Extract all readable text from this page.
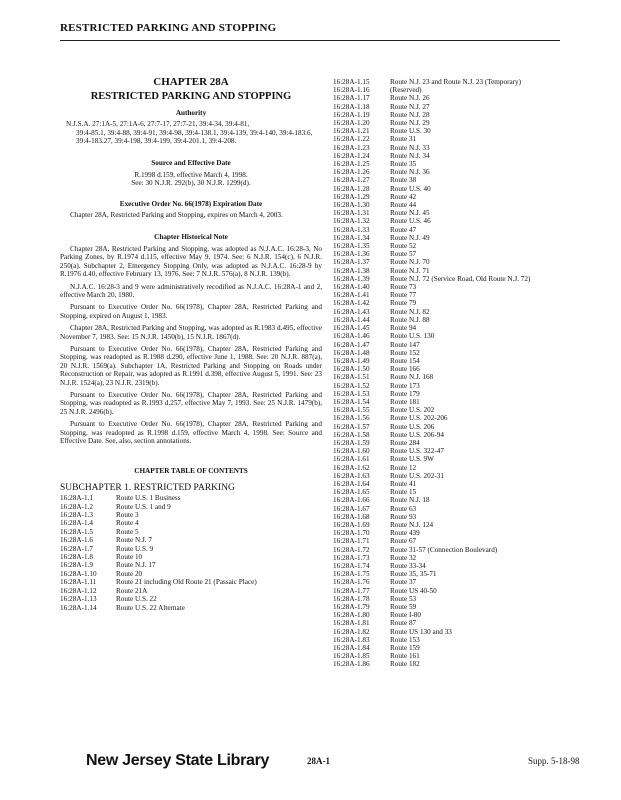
RESTRICTED PARKING AND STOPPING
CHAPTER 28A
RESTRICTED PARKING AND STOPPING
Authority
N.J.S.A. 27:1A-5, 27:1A-6, 27:7-17, 27:7-21, 39:4-34, 39:4-81,
39:4-85.1, 39:4-88, 39:4-91, 39:4-98, 39:4-138.1, 39:4-139, 39:4-140, 39:4-183.6, 39:4-183.27, 39:4-198, 39:4-199, 39:4-201.1, 39:4-208.
Source and Effective Date
R.1998 d.159, effective March 4, 1998.
See: 30 N.J.R. 292(b), 30 N.J.R. 1299(d).
Executive Order No. 66(1978) Expiration Date

Chapter 28A, Restricted Parking and Stopping, expires on March 4, 2003.

Chapter Historical Note

Chapter 28A, Restricted Parking and Stopping, was adopted as N.J.A.C. 16:28-3, No Parking Zones, by R.1974 d.115, effective May 9, 1974. See: 6 N.J.R. 154(c), 6 N.J.R. 250(a). Subchapter 2, Emergency Stopping Only, was adopted as N.J.A.C. 16:28-9 by R.1976 d.40, effective February 13, 1976. See: 7 N.J.R. 576(a), 8 N.J.R. 139(b).

N.J.A.C. 16:28-3 and 9 were administratively recodified as N.J.A.C. 16:28A-1 and 2, effective March 20, 1980.

Pursuant to Executive Order No. 66(1978), Chapter 28A, Restricted Parking and Stopping, expired on August 1, 1983.

Chapter 28A, Restricted Parking and Stopping, was adopted as R.1983 d.495, effective November 7, 1983. See: 15 N.J.R. 1450(b), 15 N.J.R. 1867(d).

Pursuant to Executive Order No. 66(1978), Chapter 28A, Restricted Parking and Stopping, was readopted as R.1988 d.290, effective June 1, 1988. See: 20 N.J.R. 887(a), 20 N.J.R. 1569(a). Subchapter 1A, Restricted Parking and Stopping on Roads under Reconstruction or Repair, was adopted as R.1991 d.398, effective August 5, 1991. See: 23 N.J.R. 1524(a), 23 N.J.R. 2319(b).

Pursuant to Executive Order No. 66(1978), Chapter 28A, Restricted Parking and Stopping, was readopted as R.1993 d.257, effective May 7, 1993. See: 25 N.J.R. 1479(b), 25 N.J.R. 2496(b).

Pursuant to Executive Order No. 66(1978), Chapter 28A, Restricted Parking and Stopping, was readopted as R.1998 d.159, effective March 4, 1998. See: Source and Effective Date. See, also, section annotations.

CHAPTER TABLE OF CONTENTS
SUBCHAPTER 1. RESTRICTED PARKING
16:28A-1.1	Route U.S. 1 Business
16:28A-1.2	Route U.S. 1 and 9
16:28A-1.3	Route 3
16:28A-1.4	Route 4
16:28A-1.5	Route 5
16:28A-1.6	Route N.J. 7
16:28A-1.7	Route U.S. 9
16:28A-1.8	Route 10
16:28A-1.9	Route N.J. 17
16:28A-1.10	Route 20
16:28A-1.11	Route 21 including Old Route 21 (Passaic Place)
16:28A-1.12	Route 21A
16:28A-1.13	Route U.S. 22
16:28A-1.14	Route U.S. 22 Alternate
16:28A-1.15	Route N.J. 23 and Route N.J. 23 (Temporary)
16:28A-1.16	(Reserved)
16:28A-1.17	Route N.J. 26
16:28A-1.18	Route N.J. 27
16:28A-1.19	Route N.J. 28
16:28A-1.20	Route N.J. 29
16:28A-1.21	Route U.S. 30
16:28A-1.22	Route 31
16:28A-1.23	Route N.J. 33
16:28A-1.24	Route N.J. 34
16:28A-1.25	Route 35
16:28A-1.26	Route N.J. 36
16:28A-1.27	Route 38
16:28A-1.28	Route U.S. 40
16:28A-1.29	Route 42
16:28A-1.30	Route 44
16:28A-1.31	Route N.J. 45
16:28A-1.32	Route U.S. 46
16:28A-1.33	Route 47
16:28A-1.34	Route N.J. 49
16:28A-1.35	Route 52
16:28A-1.36	Route 57
16:28A-1.37	Route N.J. 70
16:28A-1.38	Route N.J. 71
16:28A-1.39	Route N.J. 72 (Service Road, Old Route N.J. 72)
16:28A-1.40	Route 73
16:28A-1.41	Route 77
16:28A-1.42	Route 79
16:28A-1.43	Route N.J. 82
16:28A-1.44	Route N.J. 88
16:28A-1.45	Route 94
16:28A-1.46	Route U.S. 130
16:28A-1.47	Route 147
16:28A-1.48	Route 152
16:28A-1.49	Route 154
16:28A-1.50	Route 166
16:28A-1.51	Route N.J. 168
16:28A-1.52	Route 173
16:28A-1.53	Route 179
16:28A-1.54	Route 181
16:28A-1.55	Route U.S. 202
16:28A-1.56	Route U.S. 202-206
16:28A-1.57	Route U.S. 206
16:28A-1.58	Route U.S. 206-94
16:28A-1.59	Route 284
16:28A-1.60	Route U.S. 322-47
16:28A-1.61	Route U.S. 9W
16:28A-1.62	Route 12
16:28A-1.63	Route U.S. 202-31
16:28A-1.64	Route 41
16:28A-1.65	Route 15
16:28A-1.66	Route N.J. 18
16:28A-1.67	Route 63
16:28A-1.68	Route 93
16:28A-1.69	Route N.J. 124
16:28A-1.70	Route 439
16:28A-1.71	Route 67
16:28A-1.72	Route 31-57 (Connection Boulevard)
16:28A-1.73	Route 32
16:28A-1.74	Route 33-34
16:28A-1.75	Route 35, 35-71
16:28A-1.76	Route 37
16:28A-1.77	Route US 40-50
16:28A-1.78	Route 53
16:28A-1.79	Route 59
16:28A-1.80	Route I-80
16:28A-1.81	Route 87
16:28A-1.82	Route US 130 and 33
16:28A-1.83	Route 153
16:28A-1.84	Route 159
16:28A-1.85	Route 161
16:28A-1.86	Route 182
New Jersey State Library	28A-1	Supp. 5-18-98
